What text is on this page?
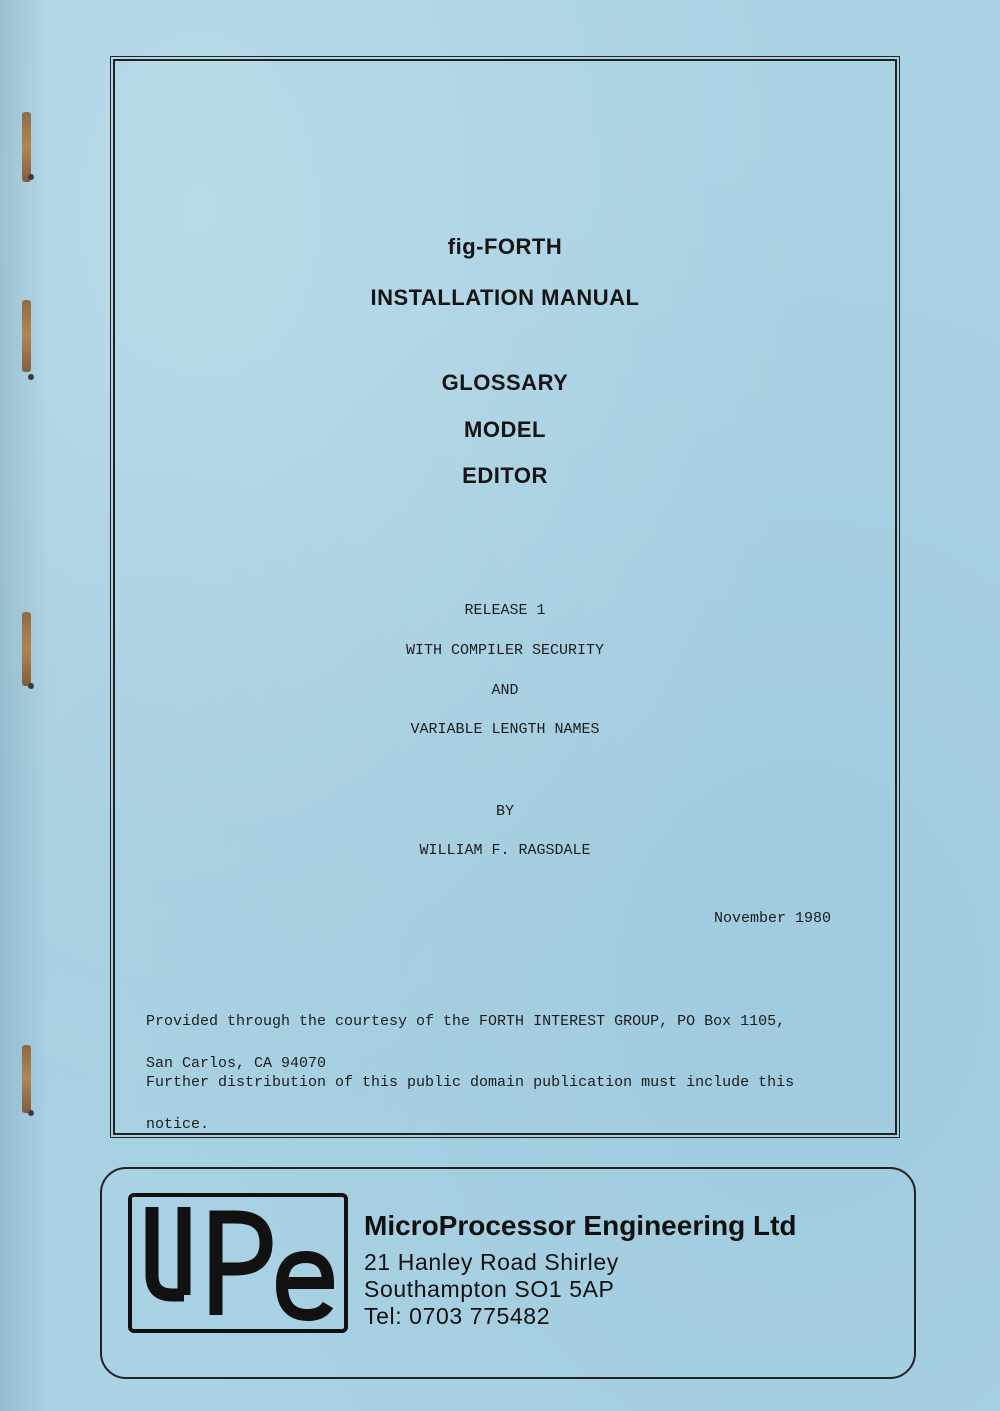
fig-FORTH
INSTALLATION MANUAL
GLOSSARY
MODEL
EDITOR
RELEASE 1
WITH COMPILER SECURITY
AND
VARIABLE LENGTH NAMES
BY
WILLIAM F. RAGSDALE
November 1980

Provided through the courtesy of the FORTH INTEREST GROUP, PO Box 1105,

San Carlos, CA 94070

Further distribution of this public domain publication must include this

notice.

MicroProcessor Engineering Ltd
21 Hanley Road Shirley
Southampton SO1 5AP
Tel: 0703 775482
